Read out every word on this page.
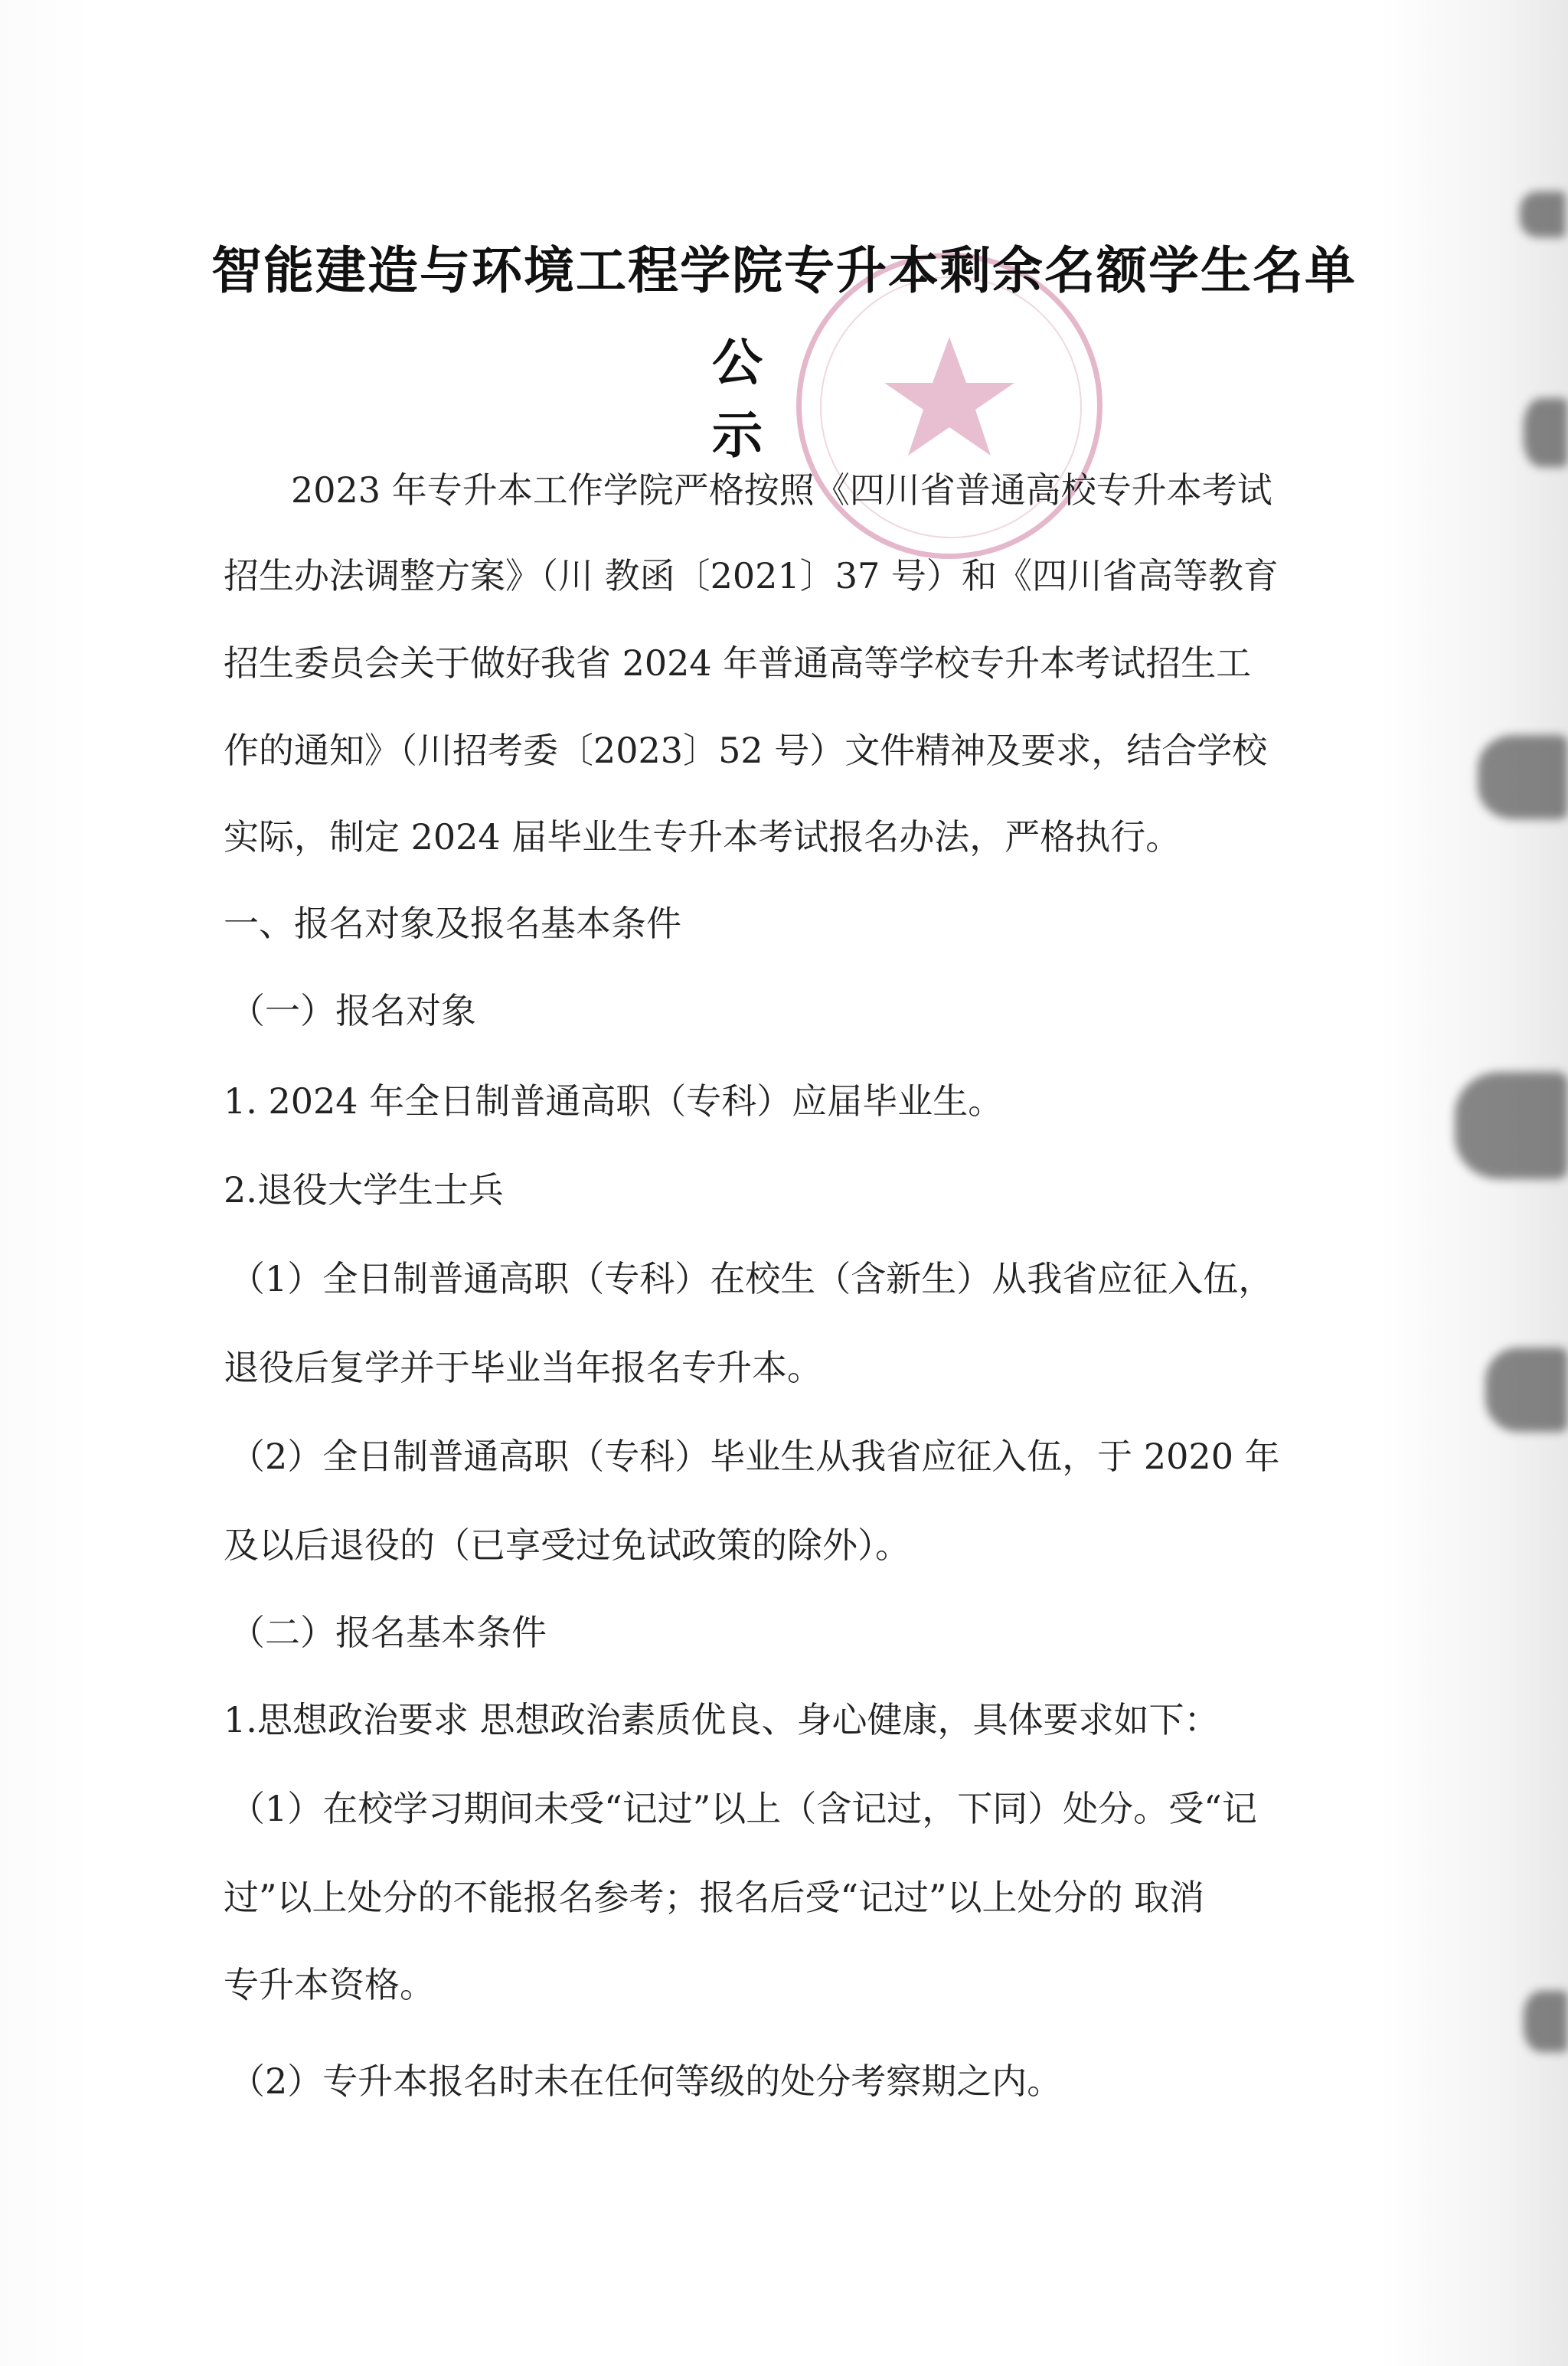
智能建造与环境工程学院专升本剩余名额学生名单
公示
2023 年专升本工作学院严格按照《四川省普通高校专升本考试
招生办法调整方案》（川 教函〔2021〕37 号）和《四川省高等教育
招生委员会关于做好我省 2024 年普通高等学校专升本考试招生工
作的通知》（川招考委〔2023〕52 号）文件精神及要求，结合学校
实际，制定 2024 届毕业生专升本考试报名办法，严格执行。
一、报名对象及报名基本条件
（一）报名对象
1. 2024 年全日制普通高职（专科）应届毕业生。
2.退役大学生士兵
（1）全日制普通高职（专科）在校生（含新生）从我省应征入伍，
退役后复学并于毕业当年报名专升本。
（2）全日制普通高职（专科）毕业生从我省应征入伍，于 2020 年
及以后退役的（已享受过免试政策的除外）。
（二）报名基本条件
1.思想政治要求 思想政治素质优良、身心健康，具体要求如下：
（1）在校学习期间未受“记过”以上（含记过，下同）处分。受“记
过”以上处分的不能报名参考；报名后受“记过”以上处分的 取消
专升本资格。
（2）专升本报名时未在任何等级的处分考察期之内。
